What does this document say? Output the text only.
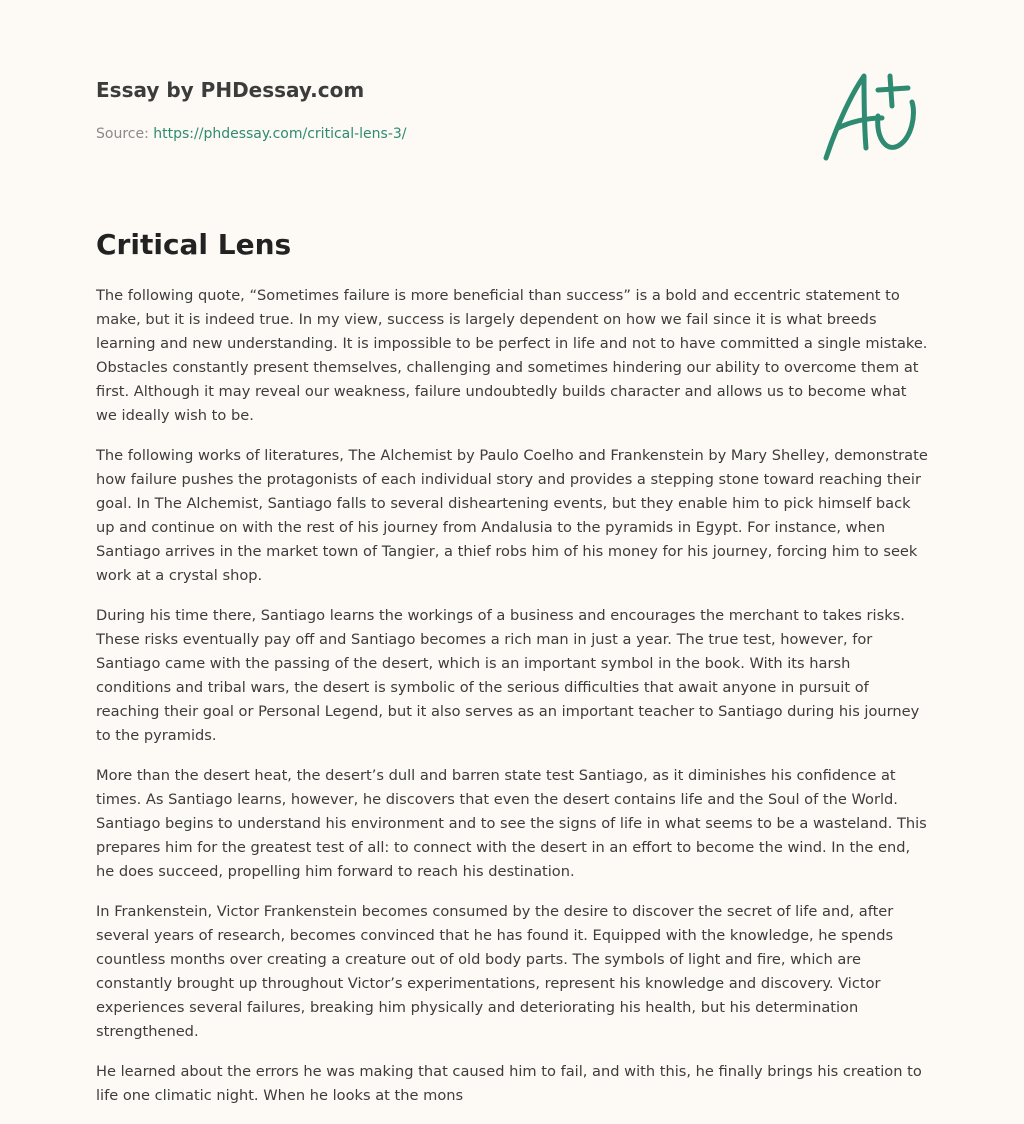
Essay by PHDessay.com
Source: https://phdessay.com/critical-lens-3/
Critical Lens

The following quote, “Sometimes failure is more beneficial than success” is a bold and eccentric statement to make, but it is indeed true. In my view, success is largely dependent on how we fail since it is what breeds learning and new understanding. It is impossible to be perfect in life and not to have committed a single mistake. Obstacles constantly present themselves, challenging and sometimes hindering our ability to overcome them at first. Although it may reveal our weakness, failure undoubtedly builds character and allows us to become what we ideally wish to be.

The following works of literatures, The Alchemist by Paulo Coelho and Frankenstein by Mary Shelley, demonstrate how failure pushes the protagonists of each individual story and provides a stepping stone toward reaching their goal. In The Alchemist, Santiago falls to several disheartening events, but they enable him to pick himself back up and continue on with the rest of his journey from Andalusia to the pyramids in Egypt. For instance, when Santiago arrives in the market town of Tangier, a thief robs him of his money for his journey, forcing him to seek work at a crystal shop.

During his time there, Santiago learns the workings of a business and encourages the merchant to takes risks. These risks eventually pay off and Santiago becomes a rich man in just a year. The true test, however, for Santiago came with the passing of the desert, which is an important symbol in the book. With its harsh conditions and tribal wars, the desert is symbolic of the serious difficulties that await anyone in pursuit of reaching their goal or Personal Legend, but it also serves as an important teacher to Santiago during his journey to the pyramids.

More than the desert heat, the desert’s dull and barren state test Santiago, as it diminishes his confidence at times. As Santiago learns, however, he discovers that even the desert contains life and the Soul of the World. Santiago begins to understand his environment and to see the signs of life in what seems to be a wasteland. This prepares him for the greatest test of all: to connect with the desert in an effort to become the wind. In the end, he does succeed, propelling him forward to reach his destination.

In Frankenstein, Victor Frankenstein becomes consumed by the desire to discover the secret of life and, after several years of research, becomes convinced that he has found it. Equipped with the knowledge, he spends countless months over creating a creature out of old body parts. The symbols of light and fire, which are constantly brought up throughout Victor’s experimentations, represent his knowledge and discovery. Victor experiences several failures, breaking him physically and deteriorating his health, but his determination strengthened.

He learned about the errors he was making that caused him to fail, and with this, he finally brings his creation to life one climatic night. When he looks at the mons
